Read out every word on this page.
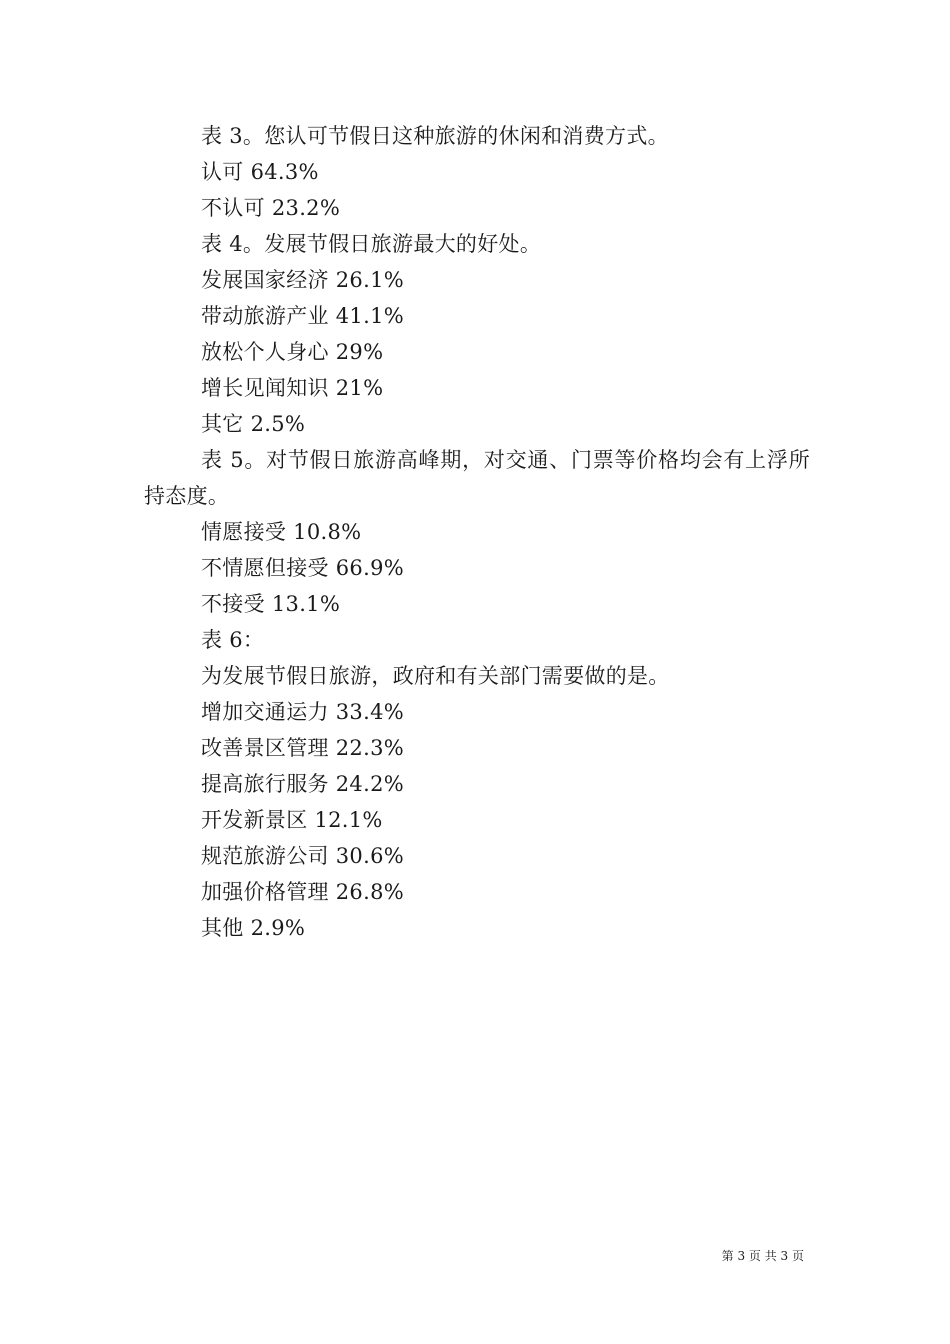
表 3。您认可节假日这种旅游的休闲和消费方式。
认可 64.3%
不认可 23.2%
表 4。发展节假日旅游最大的好处。
发展国家经济 26.1%
带动旅游产业 41.1%
放松个人身心 29%
增长见闻知识 21%
其它 2.5%

表 5。对节假日旅游高峰期，对交通、门票等价格均会有上浮所持态度。

情愿接受 10.8%
不情愿但接受 66.9%
不接受 13.1%
表 6：
为发展节假日旅游，政府和有关部门需要做的是。
增加交通运力 33.4%
改善景区管理 22.3%
提高旅行服务 24.2%
开发新景区 12.1%
规范旅游公司 30.6%
加强价格管理 26.8%
其他 2.9%
第 3 页 共 3 页
